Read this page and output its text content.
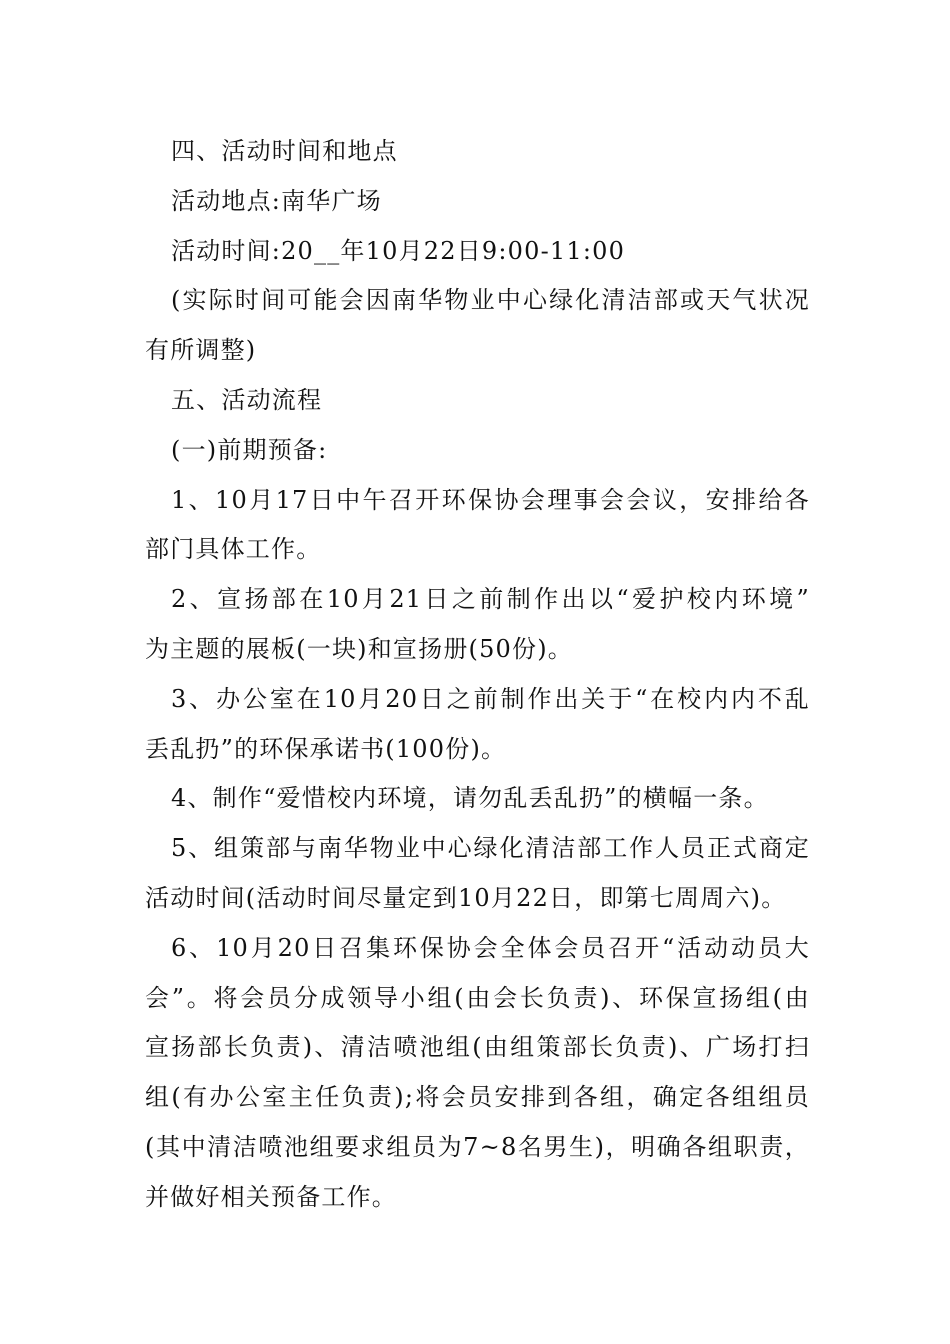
四、活动时间和地点
活动地点:南华广场
活动时间:20__年10月22日9:00-11:00
(实际时间可能会因南华物业中心绿化清洁部或天气状况
有所调整)
五、活动流程
(一)前期预备:
1、10月17日中午召开环保协会理事会会议，安排给各
部门具体工作。
2、宣扬部在10月21日之前制作出以“爱护校内环境”
为主题的展板(一块)和宣扬册(50份)。
3、办公室在10月20日之前制作出关于“在校内内不乱
丢乱扔”的环保承诺书(100份)。
4、制作“爱惜校内环境，请勿乱丢乱扔”的横幅一条。
5、组策部与南华物业中心绿化清洁部工作人员正式商定
活动时间(活动时间尽量定到10月22日，即第七周周六)。
6、10月20日召集环保协会全体会员召开“活动动员大
会”。将会员分成领导小组(由会长负责)、环保宣扬组(由
宣扬部长负责)、清洁喷池组(由组策部长负责)、广场打扫
组(有办公室主任负责);将会员安排到各组，确定各组组员
(其中清洁喷池组要求组员为7~8名男生)，明确各组职责，
并做好相关预备工作。
